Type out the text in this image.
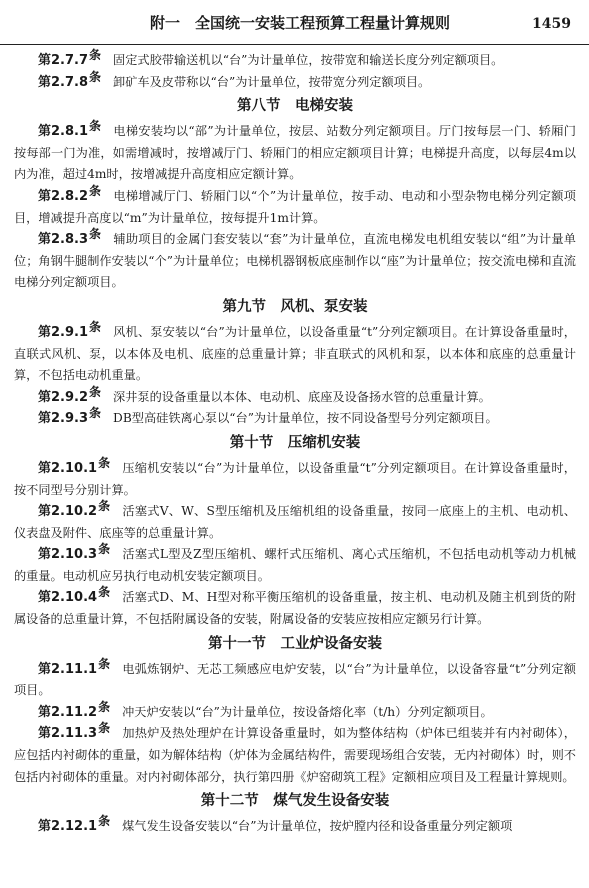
附一　全国统一安装工程预算工程量计算规则	1459

第2.7.7条 固定式胶带输送机以“台”为计量单位，按带宽和输送长度分列定额项目。

第2.7.8条 卸矿车及皮带称以“台”为计量单位，按带宽分列定额项目。

第八节　电梯安装

第2.8.1条 电梯安装均以“部”为计量单位，按层、站数分列定额项目。厅门按每层一门、轿厢门按每部一门为准，如需增减时，按增减厅门、轿厢门的相应定额项目计算；电梯提升高度，以每层4m以内为准，超过4m时，按增减提升高度相应定额计算。

第2.8.2条 电梯增减厅门、轿厢门以“个”为计量单位，按手动、电动和小型杂物电梯分列定额项目，增减提升高度以“m”为计量单位，按每提升1m计算。

第2.8.3条 辅助项目的金属门套安装以“套”为计量单位，直流电梯发电机组安装以“组”为计量单位；角钢牛腿制作安装以“个”为计量单位；电梯机器钢板底座制作以“座”为计量单位；按交流电梯和直流电梯分列定额项目。

第九节　风机、泵安装

第2.9.1条 风机、泵安装以“台”为计量单位，以设备重量“t”分列定额项目。在计算设备重量时，直联式风机、泵，以本体及电机、底座的总重量计算；非直联式的风机和泵，以本体和底座的总重量计算，不包括电动机重量。

第2.9.2条 深井泵的设备重量以本体、电动机、底座及设备扬水管的总重量计算。

第2.9.3条 DB型高硅铁离心泵以“台”为计量单位，按不同设备型号分列定额项目。

第十节　压缩机安装

第2.10.1条 压缩机安装以“台”为计量单位，以设备重量“t”分列定额项目。在计算设备重量时，按不同型号分别计算。

第2.10.2条 活塞式V、W、S型压缩机及压缩机组的设备重量，按同一底座上的主机、电动机、仪表盘及附件、底座等的总重量计算。

第2.10.3条 活塞式L型及Z型压缩机、螺杆式压缩机、离心式压缩机，不包括电动机等动力机械的重量。电动机应另执行电动机安装定额项目。

第2.10.4条 活塞式D、M、H型对称平衡压缩机的设备重量，按主机、电动机及随主机到货的附属设备的总重量计算，不包括附属设备的安装，附属设备的安装应按相应定额另行计算。

第十一节　工业炉设备安装

第2.11.1条 电弧炼钢炉、无芯工频感应电炉安装，以“台”为计量单位，以设备容量“t”分列定额项目。

第2.11.2条 冲天炉安装以“台”为计量单位，按设备熔化率（t/h）分列定额项目。

第2.11.3条 加热炉及热处理炉在计算设备重量时，如为整体结构（炉体已组装并有内衬砌体），应包括内衬砌体的重量，如为解体结构（炉体为金属结构件，需要现场组合安装，无内衬砌体）时，则不包括内衬砌体的重量。对内衬砌体部分，执行第四册《炉窑砌筑工程》定额相应项目及工程量计算规则。

第十二节　煤气发生设备安装

第2.12.1条 煤气发生设备安装以“台”为计量单位，按炉膛内径和设备重量分列定额项
